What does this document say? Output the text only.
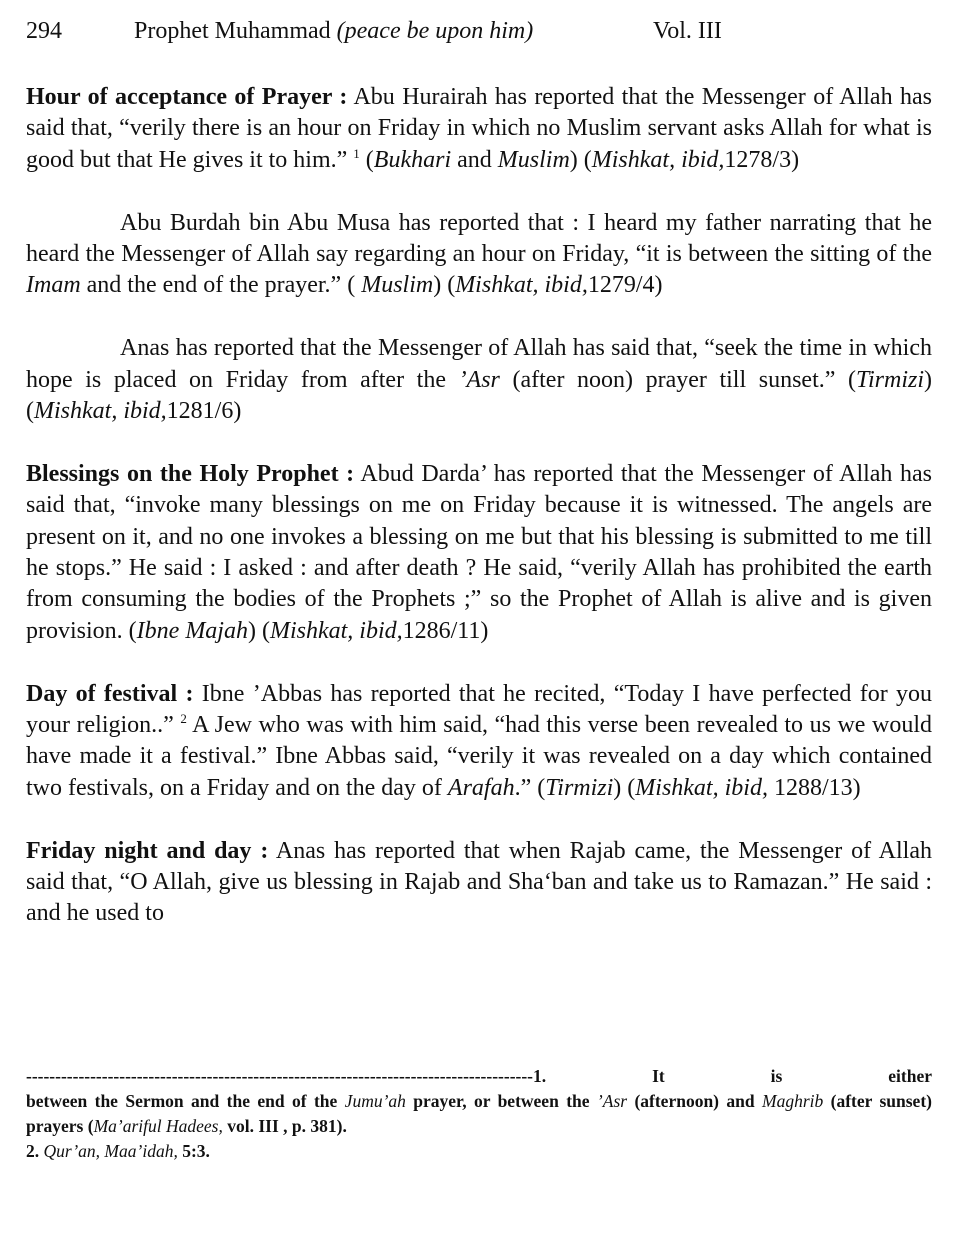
294	Prophet Muhammad (peace be upon him)	Vol. III

Hour of acceptance of Prayer : Abu Hurairah has reported that the Messenger of Allah has said that, “verily there is an hour on Friday in which no Muslim servant asks Allah for what is good but that He gives it to him.” $^1$ (Bukhari and Muslim) (Mishkat, ibid,1278/3)

Abu Burdah bin Abu Musa has reported that : I heard my father narrating that he heard the Messenger of Allah say regarding an hour on Friday, “it is between the sitting of the Imam and the end of the prayer.” ( Muslim) (Mishkat, ibid,1279/4)

Anas has reported that the Messenger of Allah has said that, “seek the time in which hope is placed on Friday from after the ’Asr (after noon) prayer till sunset.” (Tirmizi) (Mishkat, ibid,1281/6)

Blessings on the Holy Prophet : Abud Darda’ has reported that the Messenger of Allah has said that, “invoke many blessings on me on Friday because it is witnessed. The angels are present on it, and no one invokes a blessing on me but that his blessing is submitted to me till he stops.” He said : I asked : and after death ? He said, “verily Allah has prohibited the earth from consuming the bodies of the Prophets ;” so the Prophet of Allah is alive and is given provision. (Ibne Majah) (Mishkat, ibid,1286/11)

Day of festival : Ibne ’Abbas has reported that he recited, “Today I have perfected for you your religion..” $^2$ A Jew who was with him said, “had this verse been revealed to us we would have made it a festival.” Ibne Abbas said, “verily it was revealed on a day which contained two festivals, on a Friday and on the day of Arafah.” (Tirmizi) (Mishkat, ibid, 1288/13)

Friday night and day : Anas has reported that when Rajab came, the Messenger of Allah said that, “O Allah, give us blessing in Rajab and Sha‘ban and take us to Ramazan.” He said : and he used to

---------------------------------------------------------------------------------------1.	It is either

between the Sermon and the end of the Jumu’ah prayer, or between the ’Asr (afternoon) and Maghrib (after sunset) prayers (Ma’ariful Hadees, vol. III , p. 381).

2. Qur’an, Maa’idah, 5:3.
